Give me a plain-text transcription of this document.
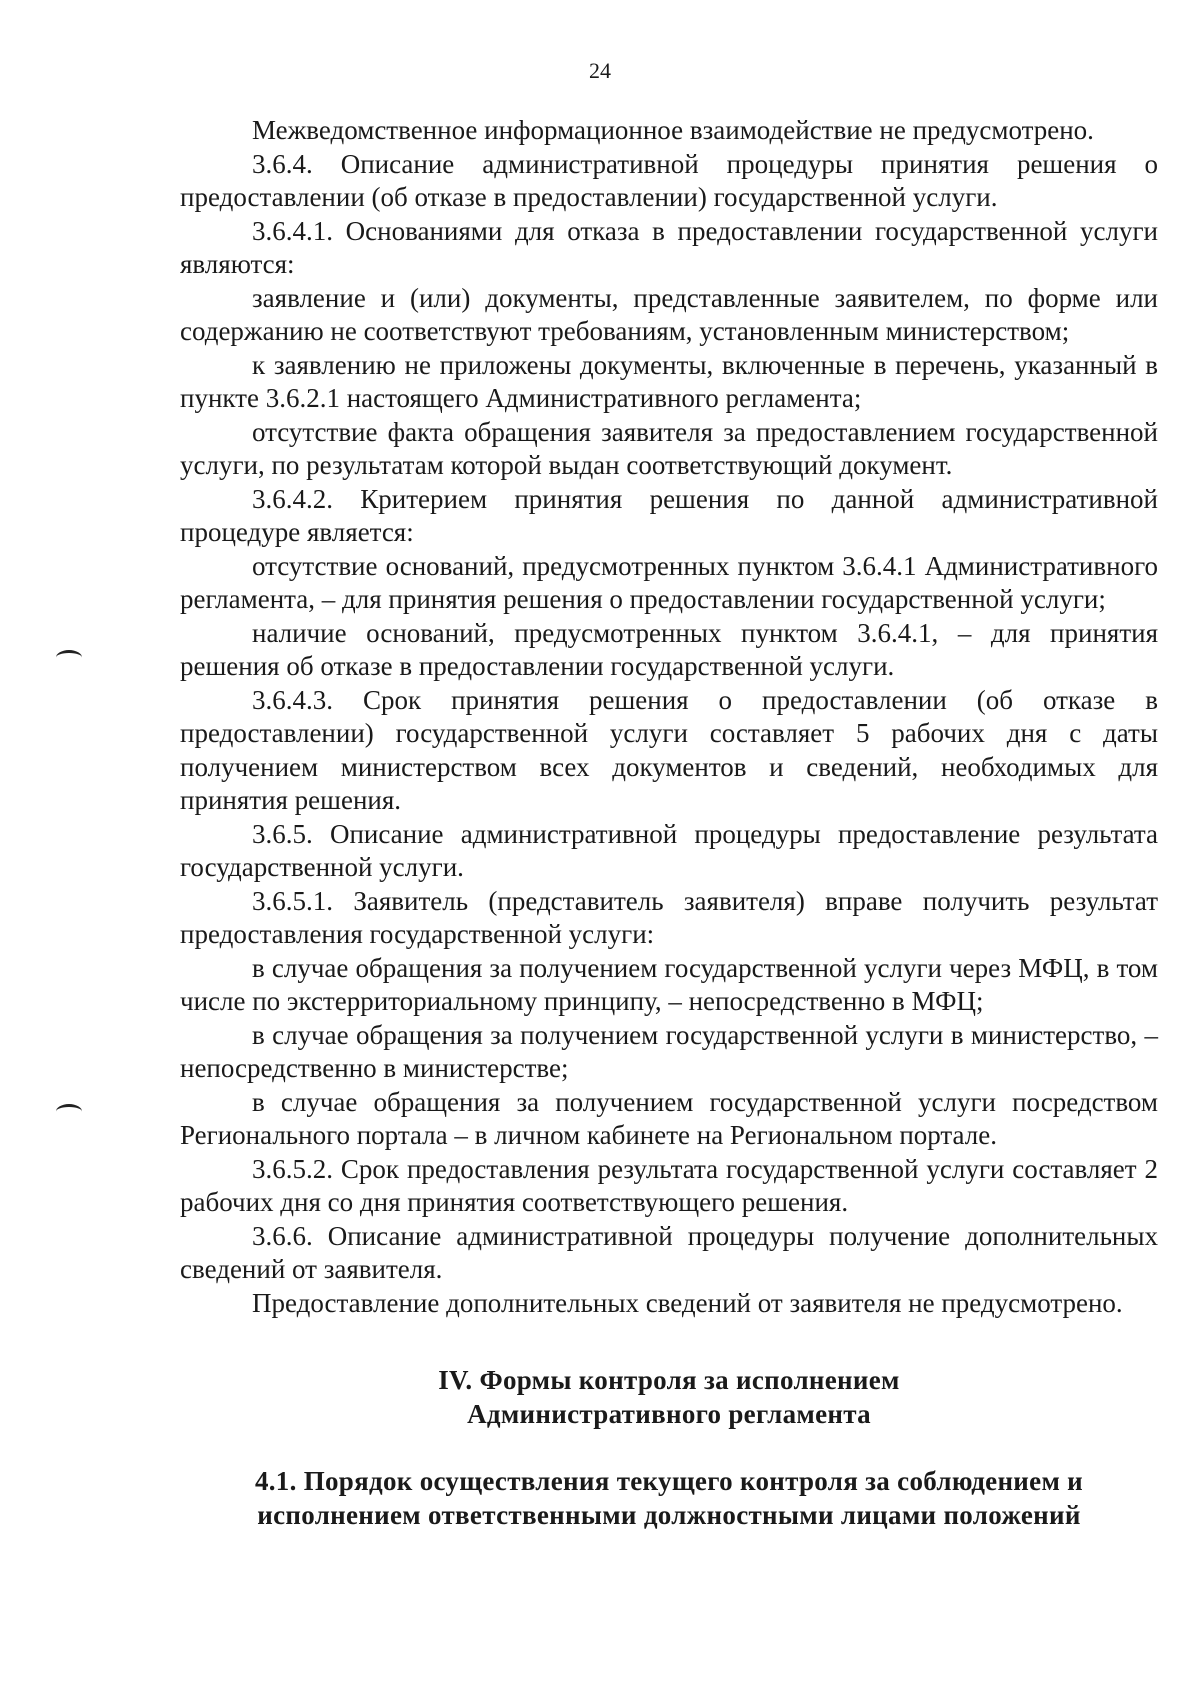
24

Межведомственное информационное взаимодействие не предусмотрено.

3.6.4. Описание административной процедуры принятия решения о предоставлении (об отказе в предоставлении) государственной услуги.

3.6.4.1. Основаниями для отказа в предоставлении государственной услуги являются:

заявление и (или) документы, представленные заявителем, по форме или содержанию не соответствуют требованиям, установленным министерством;

к заявлению не приложены документы, включенные в перечень, указанный в пункте 3.6.2.1 настоящего Административного регламента;

отсутствие факта обращения заявителя за предоставлением государственной услуги, по результатам которой выдан соответствующий документ.

3.6.4.2. Критерием принятия решения по данной административной процедуре является:

отсутствие оснований, предусмотренных пунктом 3.6.4.1 Административного регламента, – для принятия решения о предоставлении государственной услуги;

наличие оснований, предусмотренных пунктом 3.6.4.1, – для принятия решения об отказе в предоставлении государственной услуги.

3.6.4.3. Срок принятия решения о предоставлении (об отказе в предоставлении) государственной услуги составляет 5 рабочих дня с даты получением министерством всех документов и сведений, необходимых для принятия решения.

3.6.5. Описание административной процедуры предоставление результата государственной услуги.

3.6.5.1. Заявитель (представитель заявителя) вправе получить результат предоставления государственной услуги:

в случае обращения за получением государственной услуги через МФЦ, в том числе по экстерриториальному принципу, – непосредственно в МФЦ;

в случае обращения за получением государственной услуги в министерство, – непосредственно в министерстве;

в случае обращения за получением государственной услуги посредством Регионального портала – в личном кабинете на Региональном портале.

3.6.5.2. Срок предоставления результата государственной услуги составляет 2 рабочих дня со дня принятия соответствующего решения.

3.6.6. Описание административной процедуры получение дополнительных сведений от заявителя.

Предоставление дополнительных сведений от заявителя не предусмотрено.

IV. Формы контроля за исполнением
Административного регламента
4.1. Порядок осуществления текущего контроля за соблюдением и
исполнением ответственными должностными лицами положений
